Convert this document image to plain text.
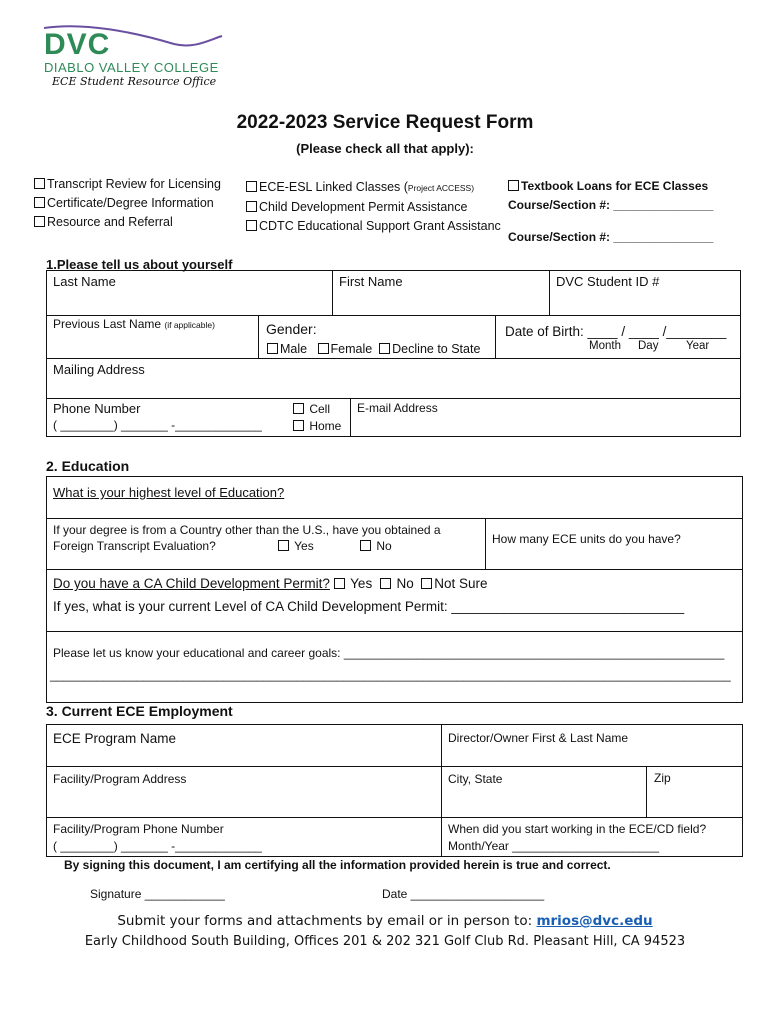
DVC
DIABLO VALLEY COLLEGE
ECE Student Resource Office
2022-2023 Service Request Form
(Please check all that apply):
Transcript Review for Licensing
Certificate/Degree Information
Resource and Referral
ECE-ESL Linked Classes (Project ACCESS)
Child Development Permit Assistance
CDTC Educational Support Grant Assistanc
Textbook Loans for ECE Classes
Course/Section #: _______________
Course/Section #: _______________
1.Please tell us about yourself
Last Name	First Name	DVC Student ID #
Previous Last Name (if applicable)	Gender:
Male Female Decline to State
Date of Birth: ____ / ____ /________
Month Day Year
Mailing Address
Phone Number
( ________) _______ -_____________
Cell
Home
E-mail Address
2. Education
What is your highest level of Education?
If your degree is from a Country other than the U.S., have you obtained a
Foreign Transcript Evaluation?	Yes	No	How many ECE units do you have?
Do you have a CA Child Development Permit? Yes No Not Sure
If yes, what is your current Level of CA Child Development Permit: _______________________________
Please let us know your educational and career goals: _________________________________________________________
______________________________________________________________________________________________________
3. Current ECE Employment
ECE Program Name	Director/Owner First & Last Name
Facility/Program Address	City, State	Zip
Facility/Program Phone Number
( ________) _______ -_____________
When did you start working in the ECE/CD field?
Month/Year ______________________
By signing this document, I am certifying all the information provided herein is true and correct.
Signature ____________	Date ____________________
Submit your forms and attachments by email or in person to: mrios@dvc.edu
Early Childhood South Building, Offices 201 & 202 321 Golf Club Rd. Pleasant Hill, CA 94523
